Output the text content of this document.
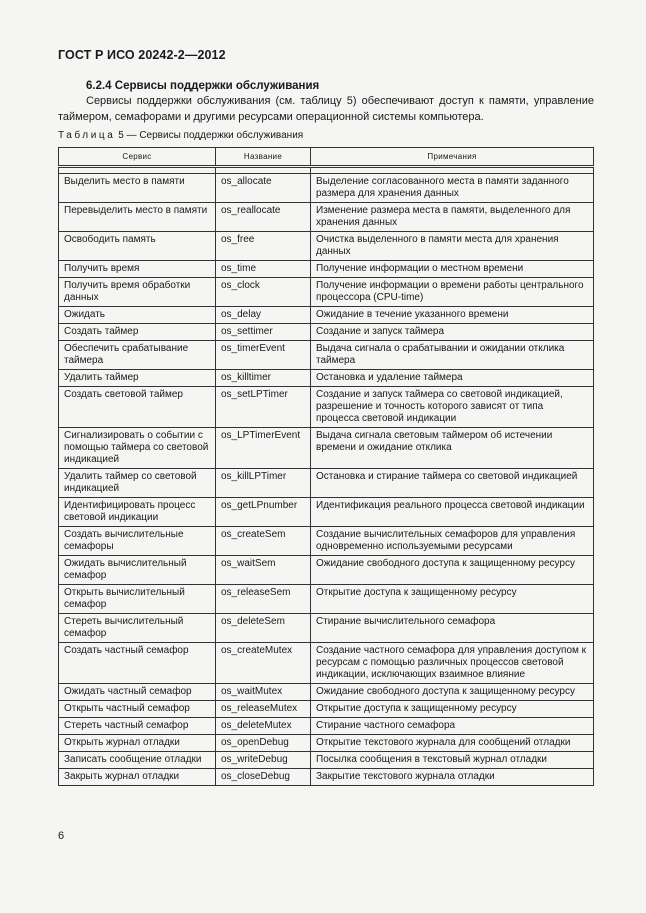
ГОСТ Р ИСО 20242-2—2012
6.2.4 Сервисы поддержки обслуживания
Сервисы поддержки обслуживания (см. таблицу 5) обеспечивают доступ к памяти, управление таймером, семафорами и другими ресурсами операционной системы компьютера.
Таблица 5 — Сервисы поддержки обслуживания
Сервис	Название	Примечания

Выделить место в памяти	os_allocate	Выделение согласованного места в памяти заданного размера для хранения данных
Перевыделить место в памяти	os_reallocate	Изменение размера места в памяти, выделенного для хранения данных
Освободить память	os_free	Очистка выделенного в памяти места для хранения данных
Получить время	os_time	Получение информации о местном времени
Получить время обработки данных	os_clock	Получение информации о времени работы центрального процессора (CPU-time)
Ожидать	os_delay	Ожидание в течение указанного времени
Создать таймер	os_settimer	Создание и запуск таймера
Обеспечить срабатывание таймера	os_timerEvent	Выдача сигнала о срабатывании и ожидании отклика таймера
Удалить таймер	os_killtimer	Остановка и удаление таймера
Создать световой таймер	os_setLPTimer	Создание и запуск таймера со световой индикацией, разрешение и точность которого зависят от типа процесса световой индикации
Сигнализировать о событии с помощью таймера со световой индикацией	os_LPTimerEvent	Выдача сигнала световым таймером об истечении времени и ожидание отклика
Удалить таймер со световой индикацией	os_killLPTimer	Остановка и стирание таймера со световой индикацией
Идентифицировать процесс световой индикации	os_getLPnumber	Идентификация реального процесса световой индикации
Создать вычислительные семафоры	os_createSem	Создание вычислительных семафоров для управления одновременно используемыми ресурсами
Ожидать вычислительный семафор	os_waitSem	Ожидание свободного доступа к защищенному ресурсу
Открыть вычислительный семафор	os_releaseSem	Открытие доступа к защищенному ресурсу
Стереть вычислительный семафор	os_deleteSem	Стирание вычислительного семафора
Создать частный семафор	os_createMutex	Создание частного семафора для управления доступом к ресурсам с помощью различных процессов световой индикации, исключающих взаимное влияние
Ожидать частный семафор	os_waitMutex	Ожидание свободного доступа к защищенному ресурсу
Открыть частный семафор	os_releaseMutex	Открытие доступа к защищенному ресурсу
Стереть частный семафор	os_deleteMutex	Стирание частного семафора
Открыть журнал отладки	os_openDebug	Открытие текстового журнала для сообщений отладки
Записать сообщение отладки	os_writeDebug	Посылка сообщения в текстовый журнал отладки
Закрыть журнал отладки	os_closeDebug	Закрытие текстового журнала отладки
6
